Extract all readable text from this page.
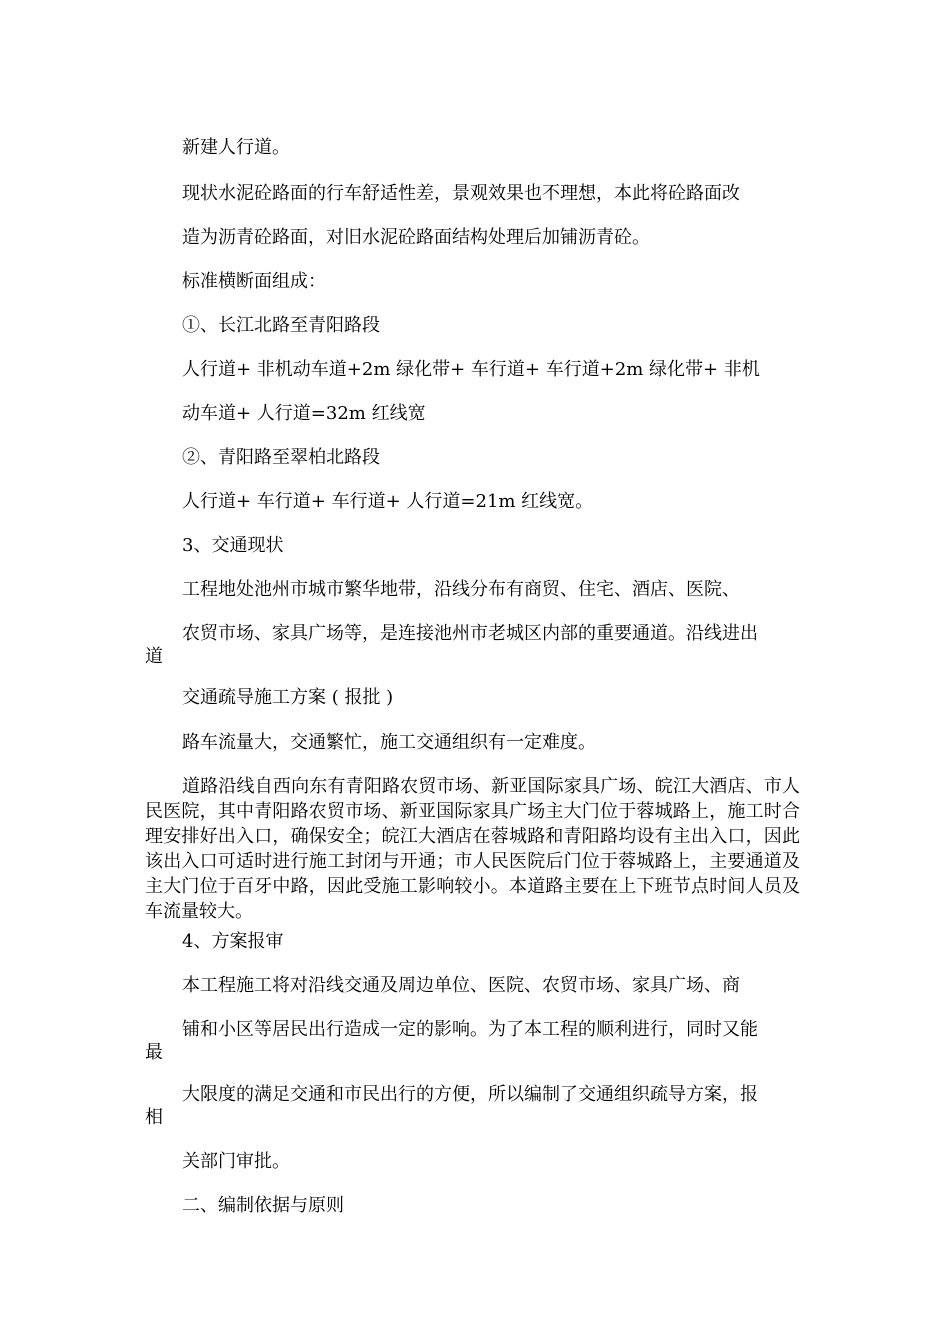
新建人行道。
现状水泥砼路面的行车舒适性差，景观效果也不理想，本此将砼路面改
造为沥青砼路面，对旧水泥砼路面结构处理后加铺沥青砼。
标准横断面组成：
①、长江北路至青阳路段
人行道+ 非机动车道+2m 绿化带+ 车行道+ 车行道+2m 绿化带+ 非机
动车道+ 人行道=32m 红线宽
②、青阳路至翠柏北路段
人行道+ 车行道+ 车行道+ 人行道=21m 红线宽。
3、交通现状
工程地处池州市城市繁华地带，沿线分布有商贸、住宅、酒店、医院、
农贸市场、家具广场等，是连接池州市老城区内部的重要通道。沿线进出
道
交通疏导施工方案 ( 报批 )
路车流量大，交通繁忙，施工交通组织有一定难度。
道路沿线自西向东有青阳路农贸市场、新亚国际家具广场、皖江大酒店、市人民医院，其中青阳路农贸市场、新亚国际家具广场主大门位于蓉城路上，施工时合理安排好出入口，确保安全；皖江大酒店在蓉城路和青阳路均设有主出入口，因此该出入口可适时进行施工封闭与开通；市人民医院后门位于蓉城路上，主要通道及主大门位于百牙中路，因此受施工影响较小。本道路主要在上下班节点时间人员及车流量较大。
4、方案报审
本工程施工将对沿线交通及周边单位、医院、农贸市场、家具广场、商
铺和小区等居民出行造成一定的影响。为了本工程的顺利进行，同时又能
最
大限度的满足交通和市民出行的方便，所以编制了交通组织疏导方案，报
相
关部门审批。
二、编制依据与原则
